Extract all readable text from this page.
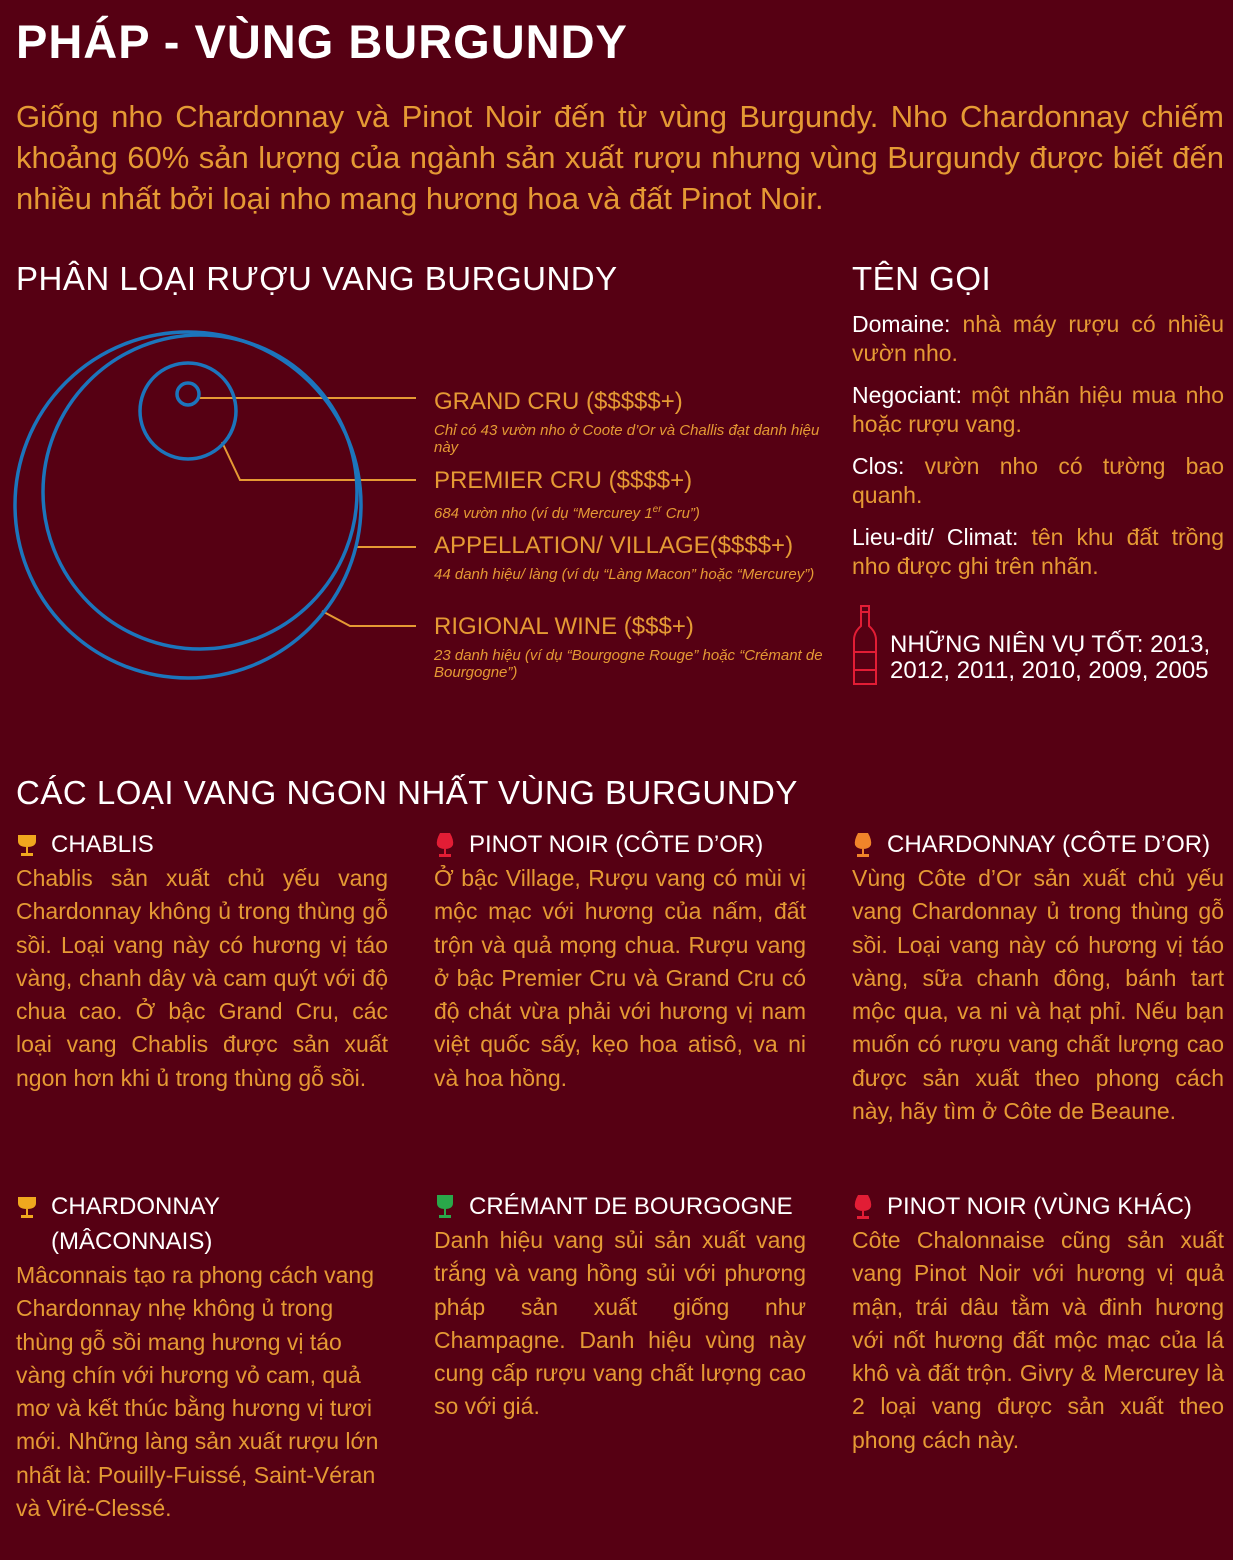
PHÁP - VÙNG BURGUNDY
Giống nho Chardonnay và Pinot Noir đến từ vùng Burgundy. Nho Chardonnay chiếm khoảng 60% sản lượng của ngành sản xuất rượu nhưng vùng Burgundy được biết đến nhiều nhất bởi loại nho mang hương hoa và đất Pinot Noir.
PHÂN LOẠI RƯỢU VANG BURGUNDY
GRAND CRU ($$$$$+)
Chỉ có 43 vườn nho ở Coote d’Or và Challis đạt danh hiệu này
PREMIER CRU ($$$$+)
684 vườn nho (ví dụ “Mercurey 1er Cru”)
APPELLATION/ VILLAGE($$$$+)
44 danh hiệu/ làng (ví dụ “Làng Macon” hoặc “Mercurey”)
RIGIONAL WINE ($$$+)
23 danh hiệu (ví dụ “Bourgogne Rouge” hoặc “Crémant de Bourgogne”)
TÊN GỌI
Domaine: nhà máy rượu có nhiều vườn nho.
Negociant: một nhãn hiệu mua nho hoặc rượu vang.
Clos: vườn nho có tường bao quanh.
Lieu-dit/ Climat: tên khu đất trồng nho được ghi trên nhãn.
NHỮNG NIÊN VỤ TỐT: 2013, 2012, 2011, 2010, 2009, 2005
CÁC LOẠI VANG NGON NHẤT VÙNG BURGUNDY
CHABLIS
Chablis sản xuất chủ yếu vang Chardonnay không ủ trong thùng gỗ sồi. Loại vang này có hương vị táo vàng, chanh dây và cam quýt với độ chua cao. Ở bậc Grand Cru, các loại vang Chablis được sản xuất ngon hơn khi ủ trong thùng gỗ sồi.
PINOT NOIR (CÔTE D’OR)
Ở bậc Village, Rượu vang có mùi vị mộc mạc với hương của nấm, đất trộn và quả mọng chua. Rượu vang ở bậc Premier Cru và Grand Cru có độ chát vừa phải với hương vị nam việt quốc sấy, kẹo hoa atisô, va ni và hoa hồng.
CHARDONNAY (CÔTE D’OR)
Vùng Côte d’Or sản xuất chủ yếu vang Chardonnay ủ trong thùng gỗ sồi. Loại vang này có hương vị táo vàng, sữa chanh đông, bánh tart mộc qua, va ni và hạt phỉ. Nếu bạn muốn có rượu vang chất lượng cao được sản xuất theo phong cách này, hãy tìm ở Côte de Beaune.
CHARDONNAY (MÂCONNAIS)
Mâconnais tạo ra phong cách vang Chardonnay nhẹ không ủ trong thùng gỗ sồi mang hương vị táo vàng chín với hương vỏ cam, quả mơ và kết thúc bằng hương vị tươi mới. Những làng sản xuất rượu lớn nhất là: Pouilly-Fuissé, Saint-Véran và Viré-Clessé.
CRÉMANT DE BOURGOGNE
Danh hiệu vang sủi sản xuất vang trắng và vang hồng sủi với phương pháp sản xuất giống như Champagne. Danh hiệu vùng này cung cấp rượu vang chất lượng cao so với giá.
PINOT NOIR (VÙNG KHÁC)
Côte Chalonnaise cũng sản xuất vang Pinot Noir với hương vị quả mận, trái dâu tằm và đinh hương với nốt hương đất mộc mạc của lá khô và đất trộn. Givry & Mercurey là 2 loại vang được sản xuất theo phong cách này.
